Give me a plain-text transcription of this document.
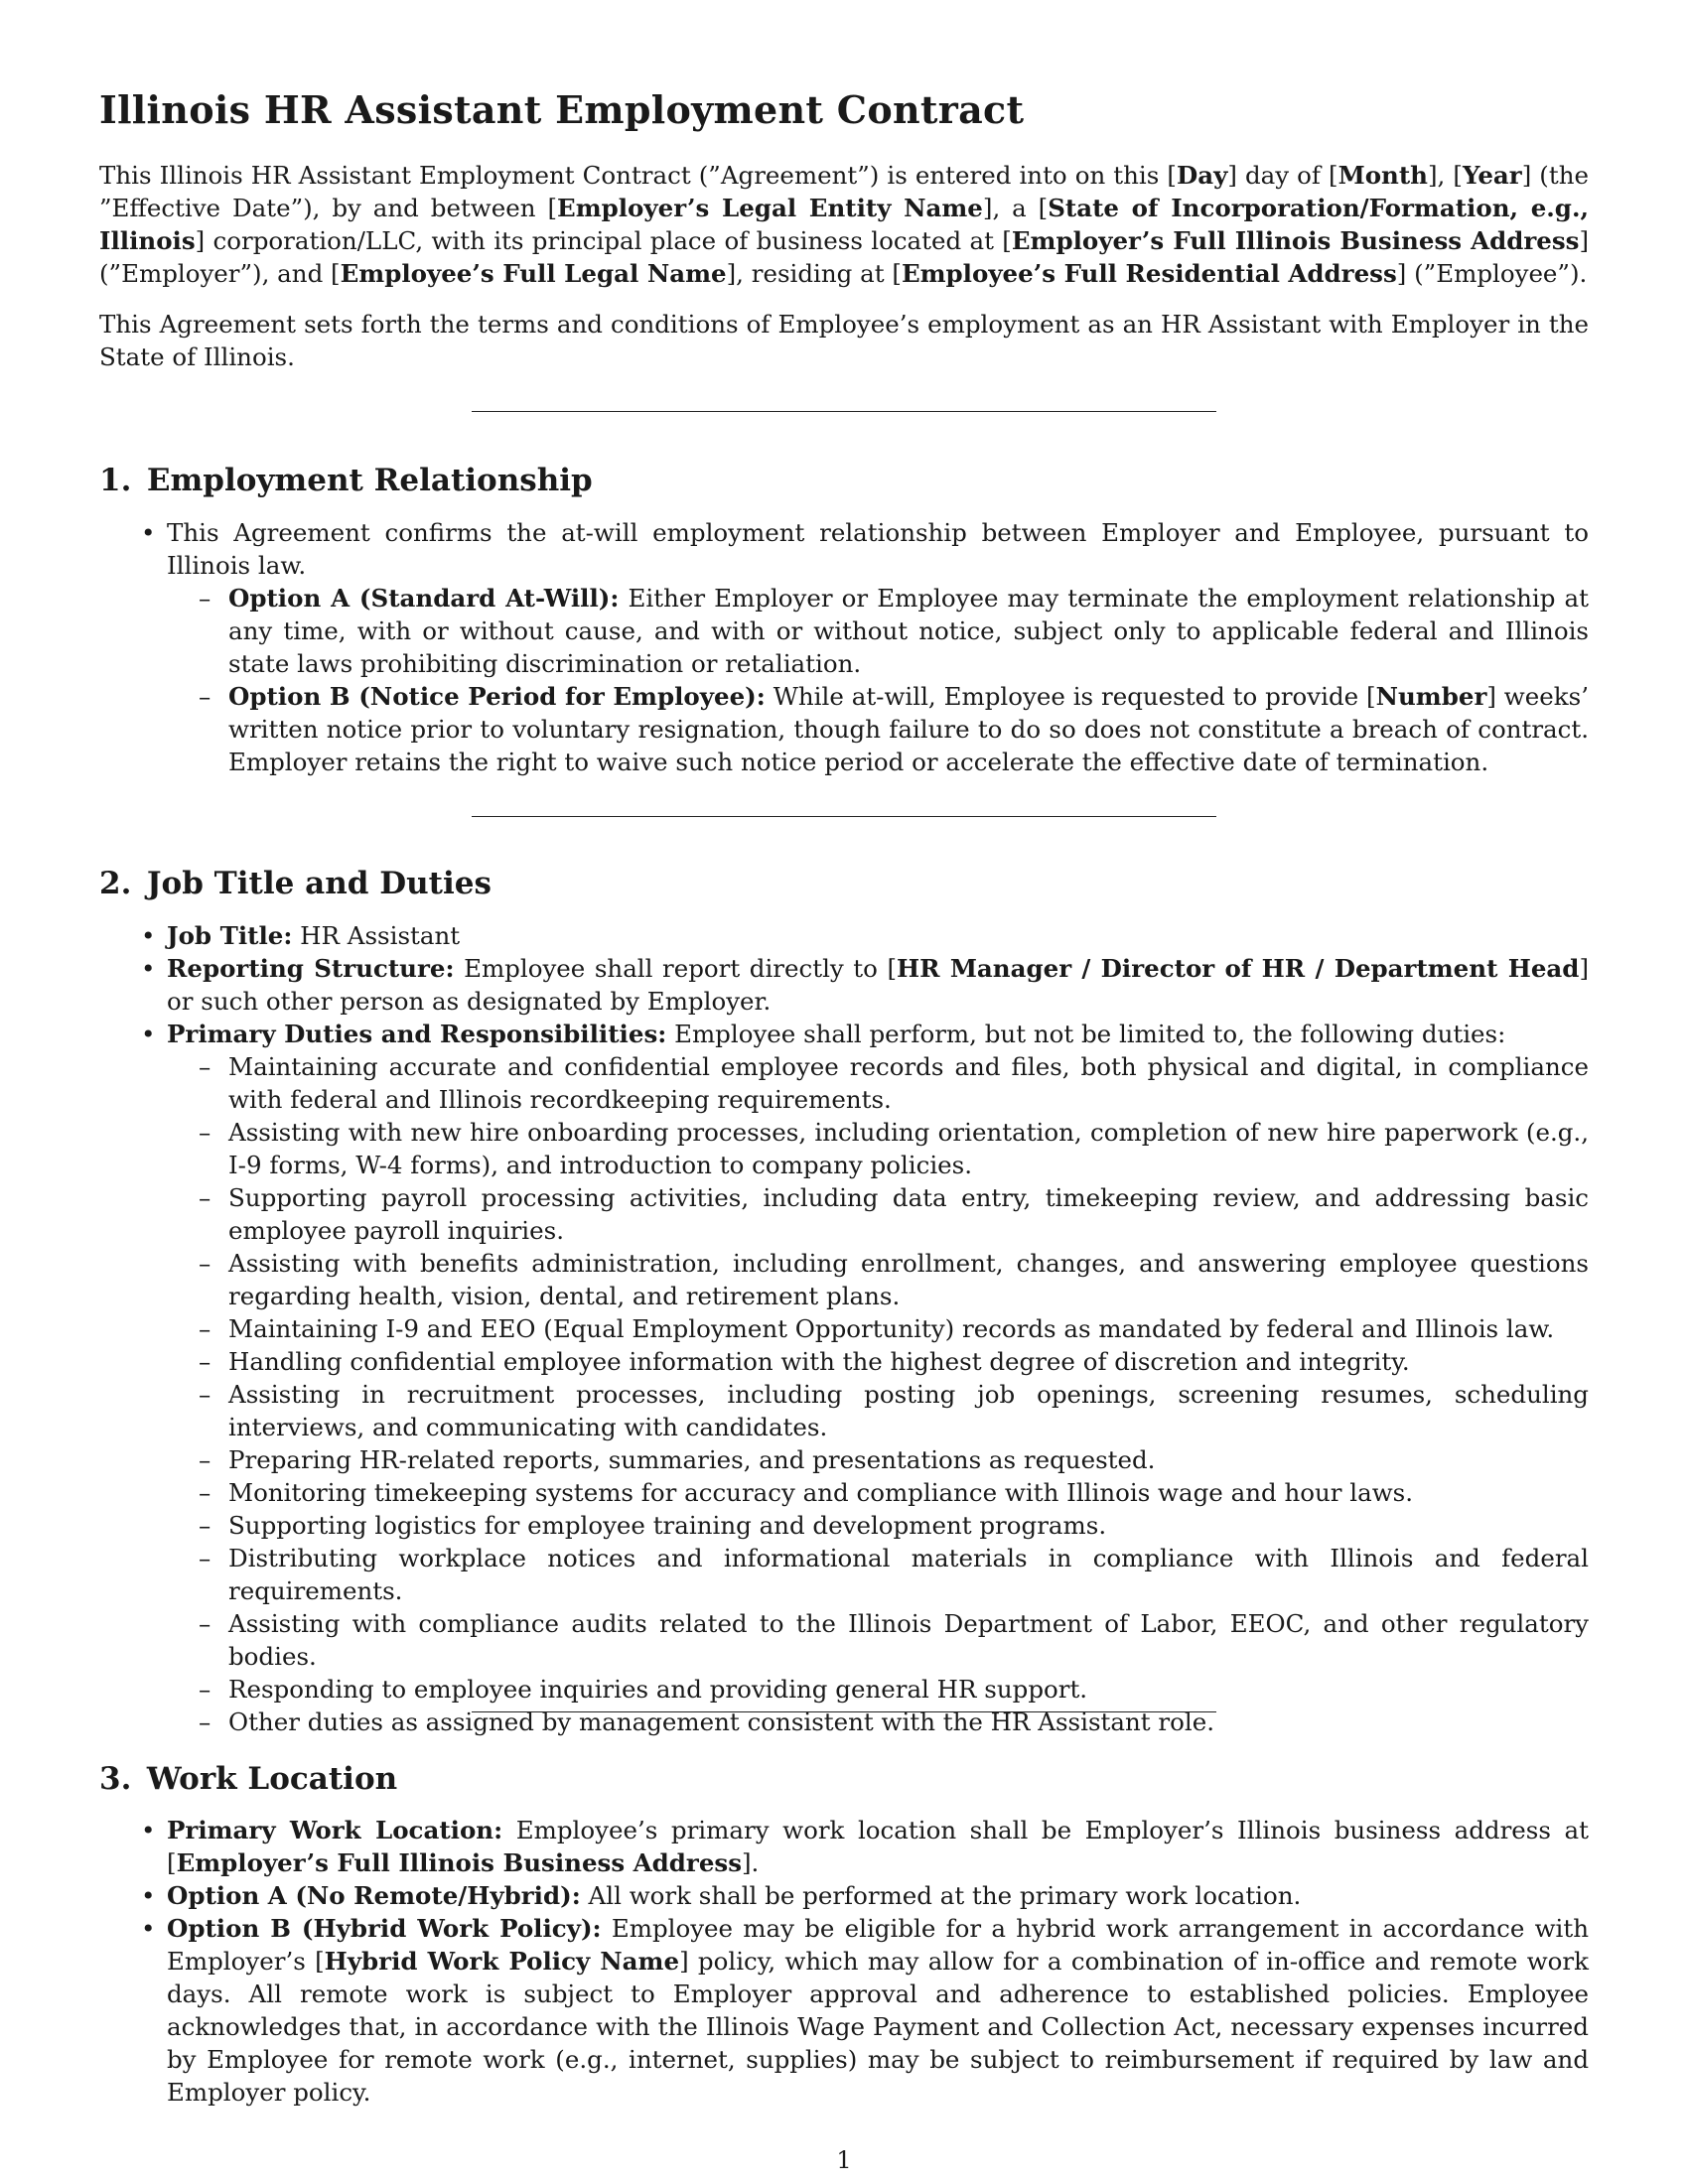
Illinois HR Assistant Employment Contract

This Illinois HR Assistant Employment Contract (”Agreement”) is entered into on this [Day] day of [Month], [Year] (the ”Effective Date”), by and between [Employer’s Legal Entity Name], a [State of Incorporation/Formation, e.g., Illinois] corporation/LLC, with its principal place of business located at [Employer’s Full Illinois Business Address] (”Employer”), and [Employee’s Full Legal Name], residing at [Employee’s Full Residential Address] (”Employee”).

This Agreement sets forth the terms and conditions of Employee’s employment as an HR Assistant with Employer in the State of Illinois.

1. Employment Relationship
• This Agreement confirms the at-will employment relationship between Employer and Employee, pursuant to Illinois law.
– Option A (Standard At-Will): Either Employer or Employee may terminate the employment relationship at any time, with or without cause, and with or without notice, subject only to applicable federal and Illinois state laws prohibiting discrimination or retaliation.
– Option B (Notice Period for Employee): While at-will, Employee is requested to provide [Number] weeks’ written notice prior to voluntary resignation, though failure to do so does not constitute a breach of contract. Employer retains the right to waive such notice period or accelerate the effective date of termination.
2. Job Title and Duties
• Job Title: HR Assistant
• Reporting Structure: Employee shall report directly to [HR Manager / Director of HR / Department Head] or such other person as designated by Employer.
• Primary Duties and Responsibilities: Employee shall perform, but not be limited to, the following duties:
– Maintaining accurate and confidential employee records and files, both physical and digital, in compliance with federal and Illinois recordkeeping requirements.
– Assisting with new hire onboarding processes, including orientation, completion of new hire paperwork (e.g., I-9 forms, W-4 forms), and introduction to company policies.
– Supporting payroll processing activities, including data entry, timekeeping review, and addressing basic employee payroll inquiries.
– Assisting with benefits administration, including enrollment, changes, and answering employee questions regarding health, vision, dental, and retirement plans.
– Maintaining I-9 and EEO (Equal Employment Opportunity) records as mandated by federal and Illinois law.
– Handling confidential employee information with the highest degree of discretion and integrity.
– Assisting in recruitment processes, including posting job openings, screening resumes, scheduling interviews, and communicating with candidates.
– Preparing HR-related reports, summaries, and presentations as requested.
– Monitoring timekeeping systems for accuracy and compliance with Illinois wage and hour laws.
– Supporting logistics for employee training and development programs.
– Distributing workplace notices and informational materials in compliance with Illinois and federal requirements.
– Assisting with compliance audits related to the Illinois Department of Labor, EEOC, and other regulatory bodies.
– Responding to employee inquiries and providing general HR support.
– Other duties as assigned by management consistent with the HR Assistant role.
3. Work Location
• Primary Work Location: Employee’s primary work location shall be Employer’s Illinois business address at [Employer’s Full Illinois Business Address].
• Option A (No Remote/Hybrid): All work shall be performed at the primary work location.
• Option B (Hybrid Work Policy): Employee may be eligible for a hybrid work arrangement in accordance with Employer’s [Hybrid Work Policy Name] policy, which may allow for a combination of in-office and remote work days. All remote work is subject to Employer approval and adherence to established policies. Employee acknowledges that, in accordance with the Illinois Wage Payment and Collection Act, necessary expenses incurred by Employee for remote work (e.g., internet, supplies) may be subject to reimbursement if required by law and Employer policy.
1
